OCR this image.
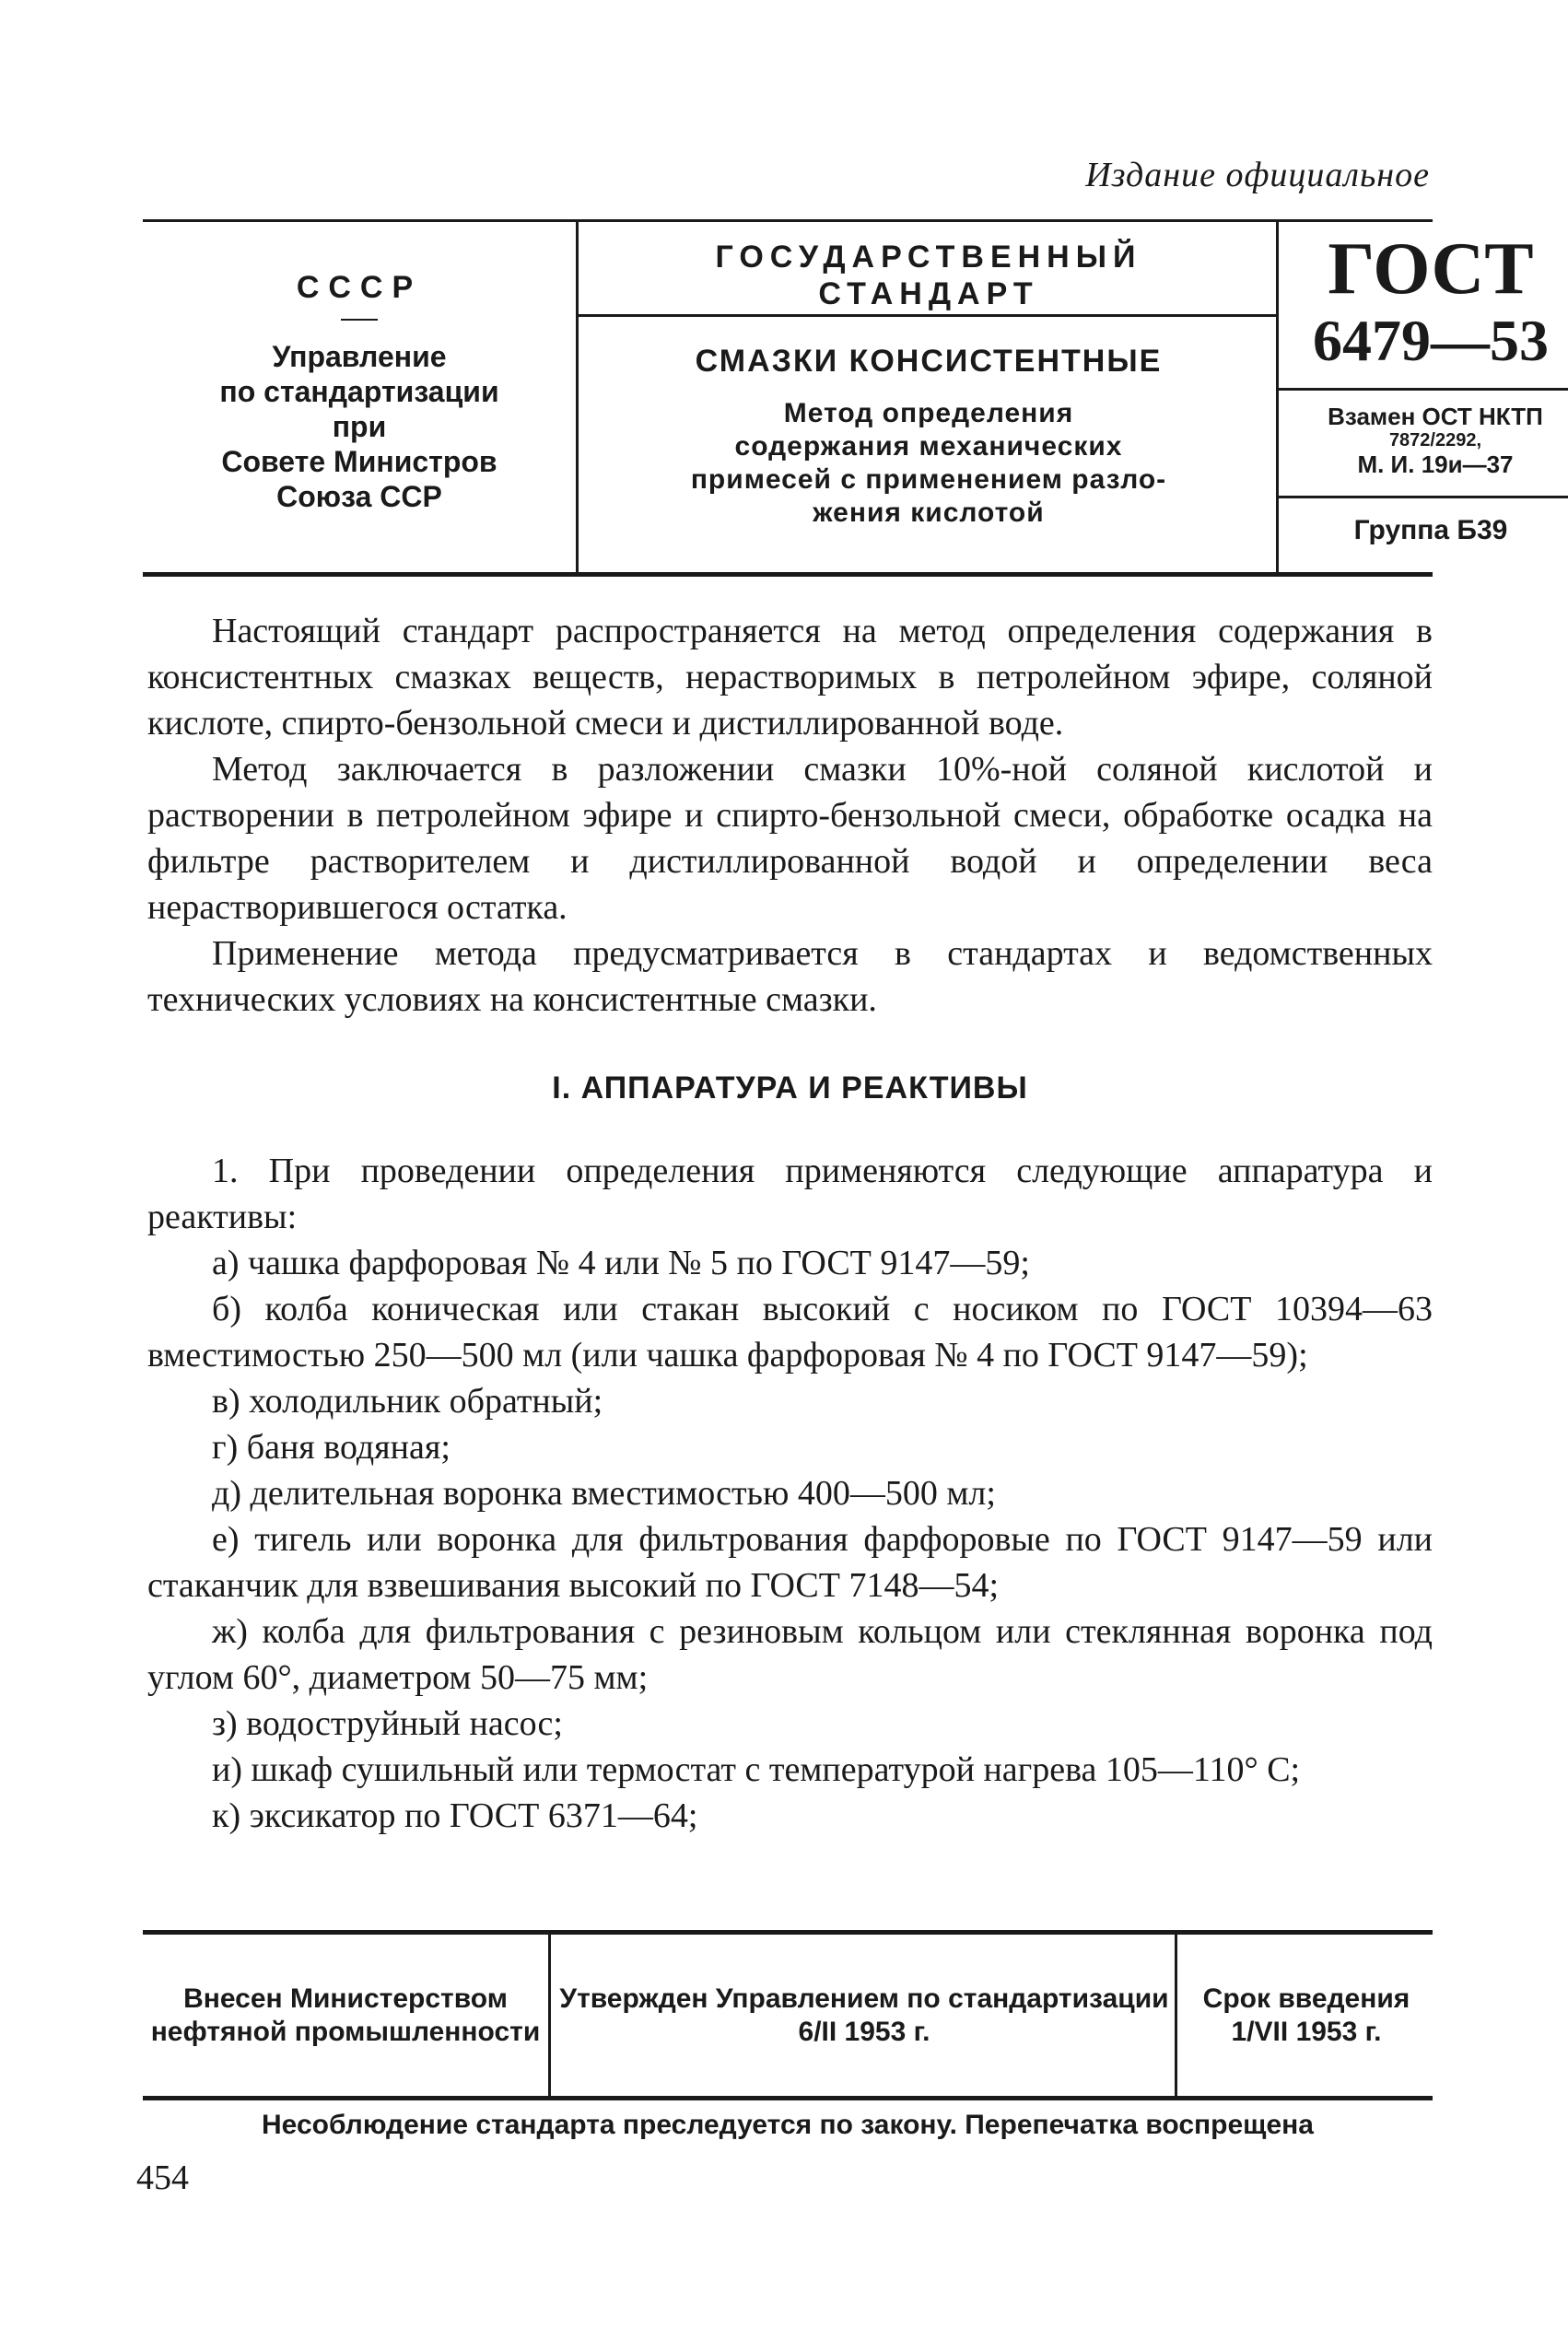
Издание официальное
СССР
Управление
по стандартизации
при
Совете Министров
Союза ССР
ГОСУДАРСТВЕННЫЙ
СТАНДАРТ
СМАЗКИ КОНСИСТЕНТНЫЕ
Метод определения
содержания механических
примесей с применением разло-
жения кислотой
ГОСТ
6479—53
Взамен ОСТ НКТП
7872/2292,
М. И. 19и—37
Группа Б39

Настоящий стандарт распространяется на метод определения содержания в консистентных смазках веществ, нерастворимых в петролейном эфире, соляной кислоте, спирто-бензольной смеси и дистиллированной воде.

Метод заключается в разложении смазки 10%-ной соляной кислотой и растворении в петролейном эфире и спирто-бензольной смеси, обработке осадка на фильтре растворителем и дистиллированной водой и определении веса нерастворившегося остатка.

Применение метода предусматривается в стандартах и ведомственных технических условиях на консистентные смазки.

I. АППАРАТУРА И РЕАКТИВЫ

1. При проведении определения применяются следующие аппаратура и реактивы:

а) чашка фарфоровая № 4 или № 5 по ГОСТ 9147—59;

б) колба коническая или стакан высокий с носиком по ГОСТ 10394—63 вместимостью 250—500 мл (или чашка фарфоровая № 4 по ГОСТ 9147—59);

в) холодильник обратный;

г) баня водяная;

д) делительная воронка вместимостью 400—500 мл;

е) тигель или воронка для фильтрования фарфоровые по ГОСТ 9147—59 или стаканчик для взвешивания высокий по ГОСТ 7148—54;

ж) колба для фильтрования с резиновым кольцом или стеклянная воронка под углом 60°, диаметром 50—75 мм;

з) водоструйный насос;

и) шкаф сушильный или термостат с температурой нагрева 105—110° С;

к) эксикатор по ГОСТ 6371—64;

Внесен Министерством нефтяной промышленности
Утвержден Управлением по стандартизации 6/II 1953 г.
Срок введения 1/VII 1953 г.
Несоблюдение стандарта преследуется по закону. Перепечатка воспрещена
454
